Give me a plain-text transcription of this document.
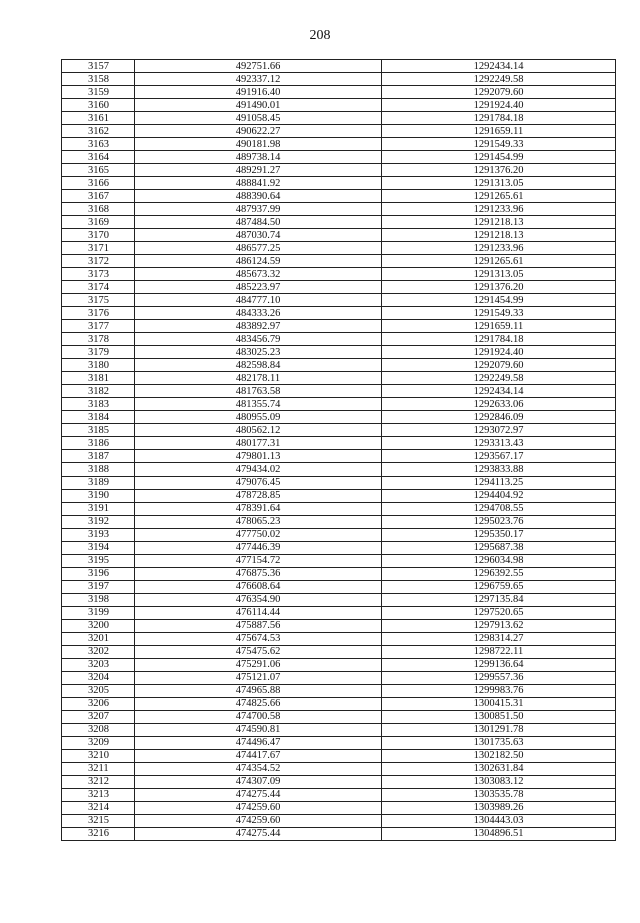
208
3157	492751.66	1292434.14
3158	492337.12	1292249.58
3159	491916.40	1292079.60
3160	491490.01	1291924.40
3161	491058.45	1291784.18
3162	490622.27	1291659.11
3163	490181.98	1291549.33
3164	489738.14	1291454.99
3165	489291.27	1291376.20
3166	488841.92	1291313.05
3167	488390.64	1291265.61
3168	487937.99	1291233.96
3169	487484.50	1291218.13
3170	487030.74	1291218.13
3171	486577.25	1291233.96
3172	486124.59	1291265.61
3173	485673.32	1291313.05
3174	485223.97	1291376.20
3175	484777.10	1291454.99
3176	484333.26	1291549.33
3177	483892.97	1291659.11
3178	483456.79	1291784.18
3179	483025.23	1291924.40
3180	482598.84	1292079.60
3181	482178.11	1292249.58
3182	481763.58	1292434.14
3183	481355.74	1292633.06
3184	480955.09	1292846.09
3185	480562.12	1293072.97
3186	480177.31	1293313.43
3187	479801.13	1293567.17
3188	479434.02	1293833.88
3189	479076.45	1294113.25
3190	478728.85	1294404.92
3191	478391.64	1294708.55
3192	478065.23	1295023.76
3193	477750.02	1295350.17
3194	477446.39	1295687.38
3195	477154.72	1296034.98
3196	476875.36	1296392.55
3197	476608.64	1296759.65
3198	476354.90	1297135.84
3199	476114.44	1297520.65
3200	475887.56	1297913.62
3201	475674.53	1298314.27
3202	475475.62	1298722.11
3203	475291.06	1299136.64
3204	475121.07	1299557.36
3205	474965.88	1299983.76
3206	474825.66	1300415.31
3207	474700.58	1300851.50
3208	474590.81	1301291.78
3209	474496.47	1301735.63
3210	474417.67	1302182.50
3211	474354.52	1302631.84
3212	474307.09	1303083.12
3213	474275.44	1303535.78
3214	474259.60	1303989.26
3215	474259.60	1304443.03
3216	474275.44	1304896.51
